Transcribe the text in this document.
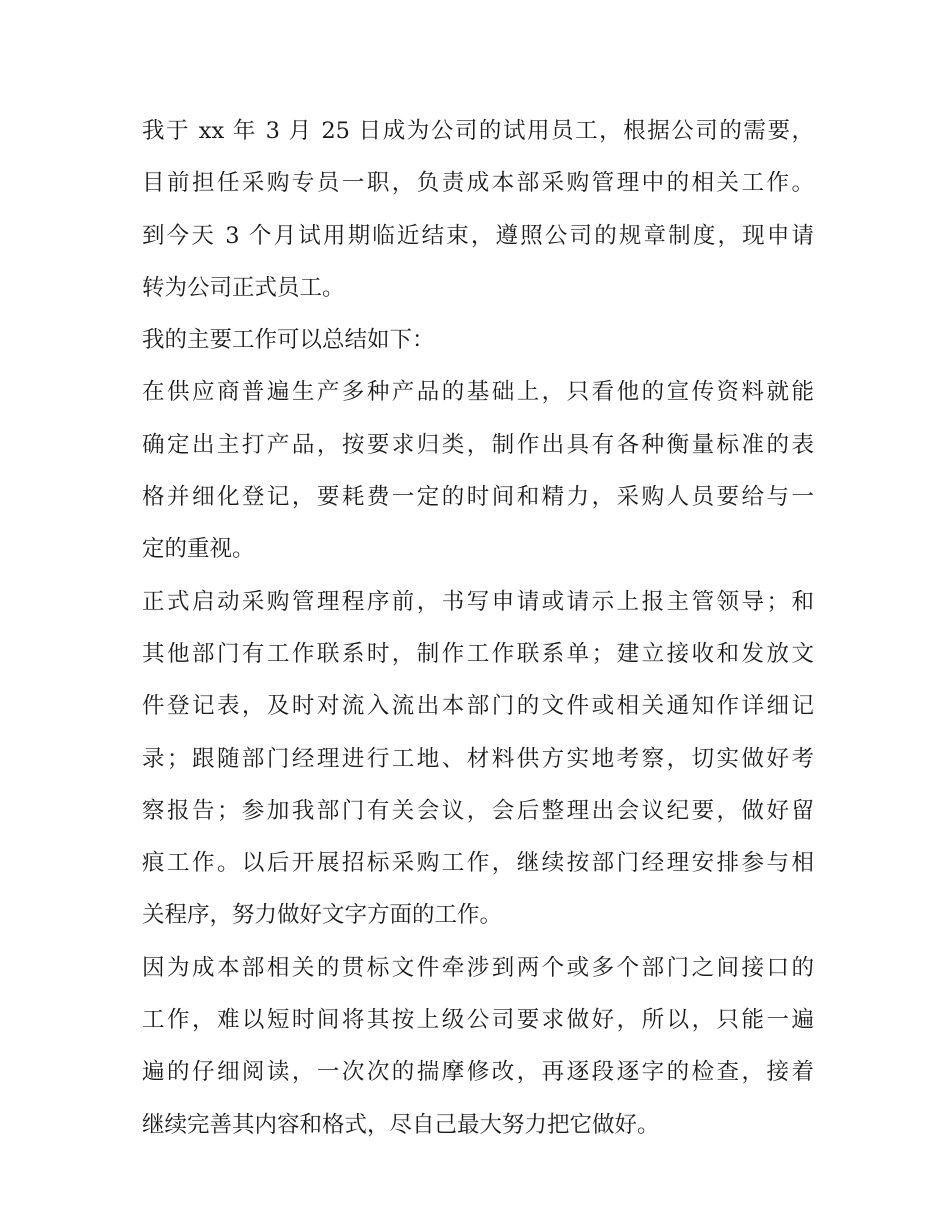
我于 xx 年 3 月 25 日成为公司的试用员工，根据公司的需要，
目前担任采购专员一职，负责成本部采购管理中的相关工作。
到今天 3 个月试用期临近结束，遵照公司的规章制度，现申请
转为公司正式员工。
我的主要工作可以总结如下：
在供应商普遍生产多种产品的基础上，只看他的宣传资料就能
确定出主打产品，按要求归类，制作出具有各种衡量标准的表
格并细化登记，要耗费一定的时间和精力，采购人员要给与一
定的重视。
正式启动采购管理程序前，书写申请或请示上报主管领导；和
其他部门有工作联系时，制作工作联系单；建立接收和发放文
件登记表，及时对流入流出本部门的文件或相关通知作详细记
录；跟随部门经理进行工地、材料供方实地考察，切实做好考
察报告；参加我部门有关会议，会后整理出会议纪要，做好留
痕工作。以后开展招标采购工作，继续按部门经理安排参与相
关程序，努力做好文字方面的工作。
因为成本部相关的贯标文件牵涉到两个或多个部门之间接口的
工作，难以短时间将其按上级公司要求做好，所以，只能一遍
遍的仔细阅读，一次次的揣摩修改，再逐段逐字的检查，接着
继续完善其内容和格式，尽自己最大努力把它做好。
